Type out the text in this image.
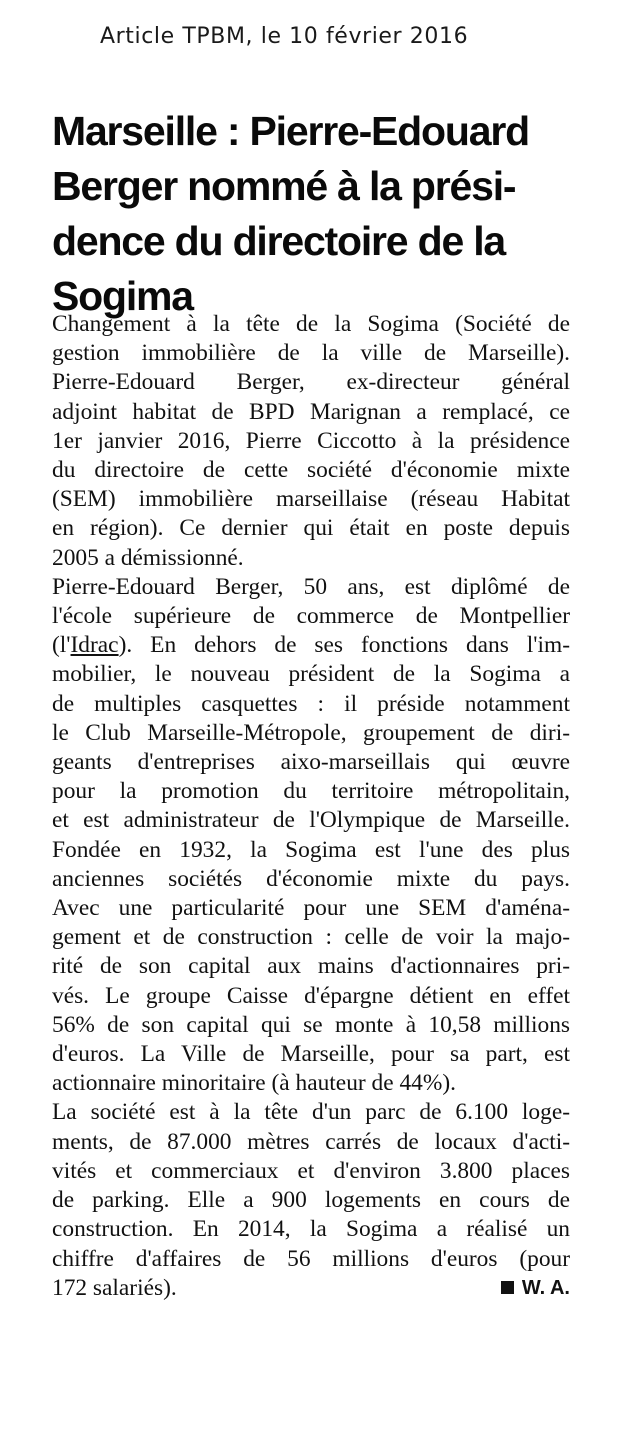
Article TPBM, le 10 février 2016
Marseille : Pierre-Edouard
Berger nommé à la prési-
dence du directoire de la
Sogima
Changement à la tête de la Sogima (Société de
gestion immobilière de la ville de Marseille).
Pierre-Edouard Berger, ex-directeur général
adjoint habitat de BPD Marignan a remplacé, ce
1er janvier 2016, Pierre Ciccotto à la présidence
du directoire de cette société d'économie mixte
(SEM) immobilière marseillaise (réseau Habitat
en région). Ce dernier qui était en poste depuis
2005 a démissionné.
Pierre-Edouard Berger, 50 ans, est diplômé de
l'école supérieure de commerce de Montpellier
(l'Idrac). En dehors de ses fonctions dans l'im-
mobilier, le nouveau président de la Sogima a
de multiples casquettes : il préside notamment
le Club Marseille-Métropole, groupement de diri-
geants d'entreprises aixo-marseillais qui œuvre
pour la promotion du territoire métropolitain,
et est administrateur de l'Olympique de Marseille.
Fondée en 1932, la Sogima est l'une des plus
anciennes sociétés d'économie mixte du pays.
Avec une particularité pour une SEM d'aména-
gement et de construction : celle de voir la majo-
rité de son capital aux mains d'actionnaires pri-
vés. Le groupe Caisse d'épargne détient en effet
56% de son capital qui se monte à 10,58 millions
d'euros. La Ville de Marseille, pour sa part, est
actionnaire minoritaire (à hauteur de 44%).
La société est à la tête d'un parc de 6.100 loge-
ments, de 87.000 mètres carrés de locaux d'acti-
vités et commerciaux et d'environ 3.800 places
de parking. Elle a 900 logements en cours de
construction. En 2014, la Sogima a réalisé un
chiffre d'affaires de 56 millions d'euros (pour
172 salariés).	W. A.
